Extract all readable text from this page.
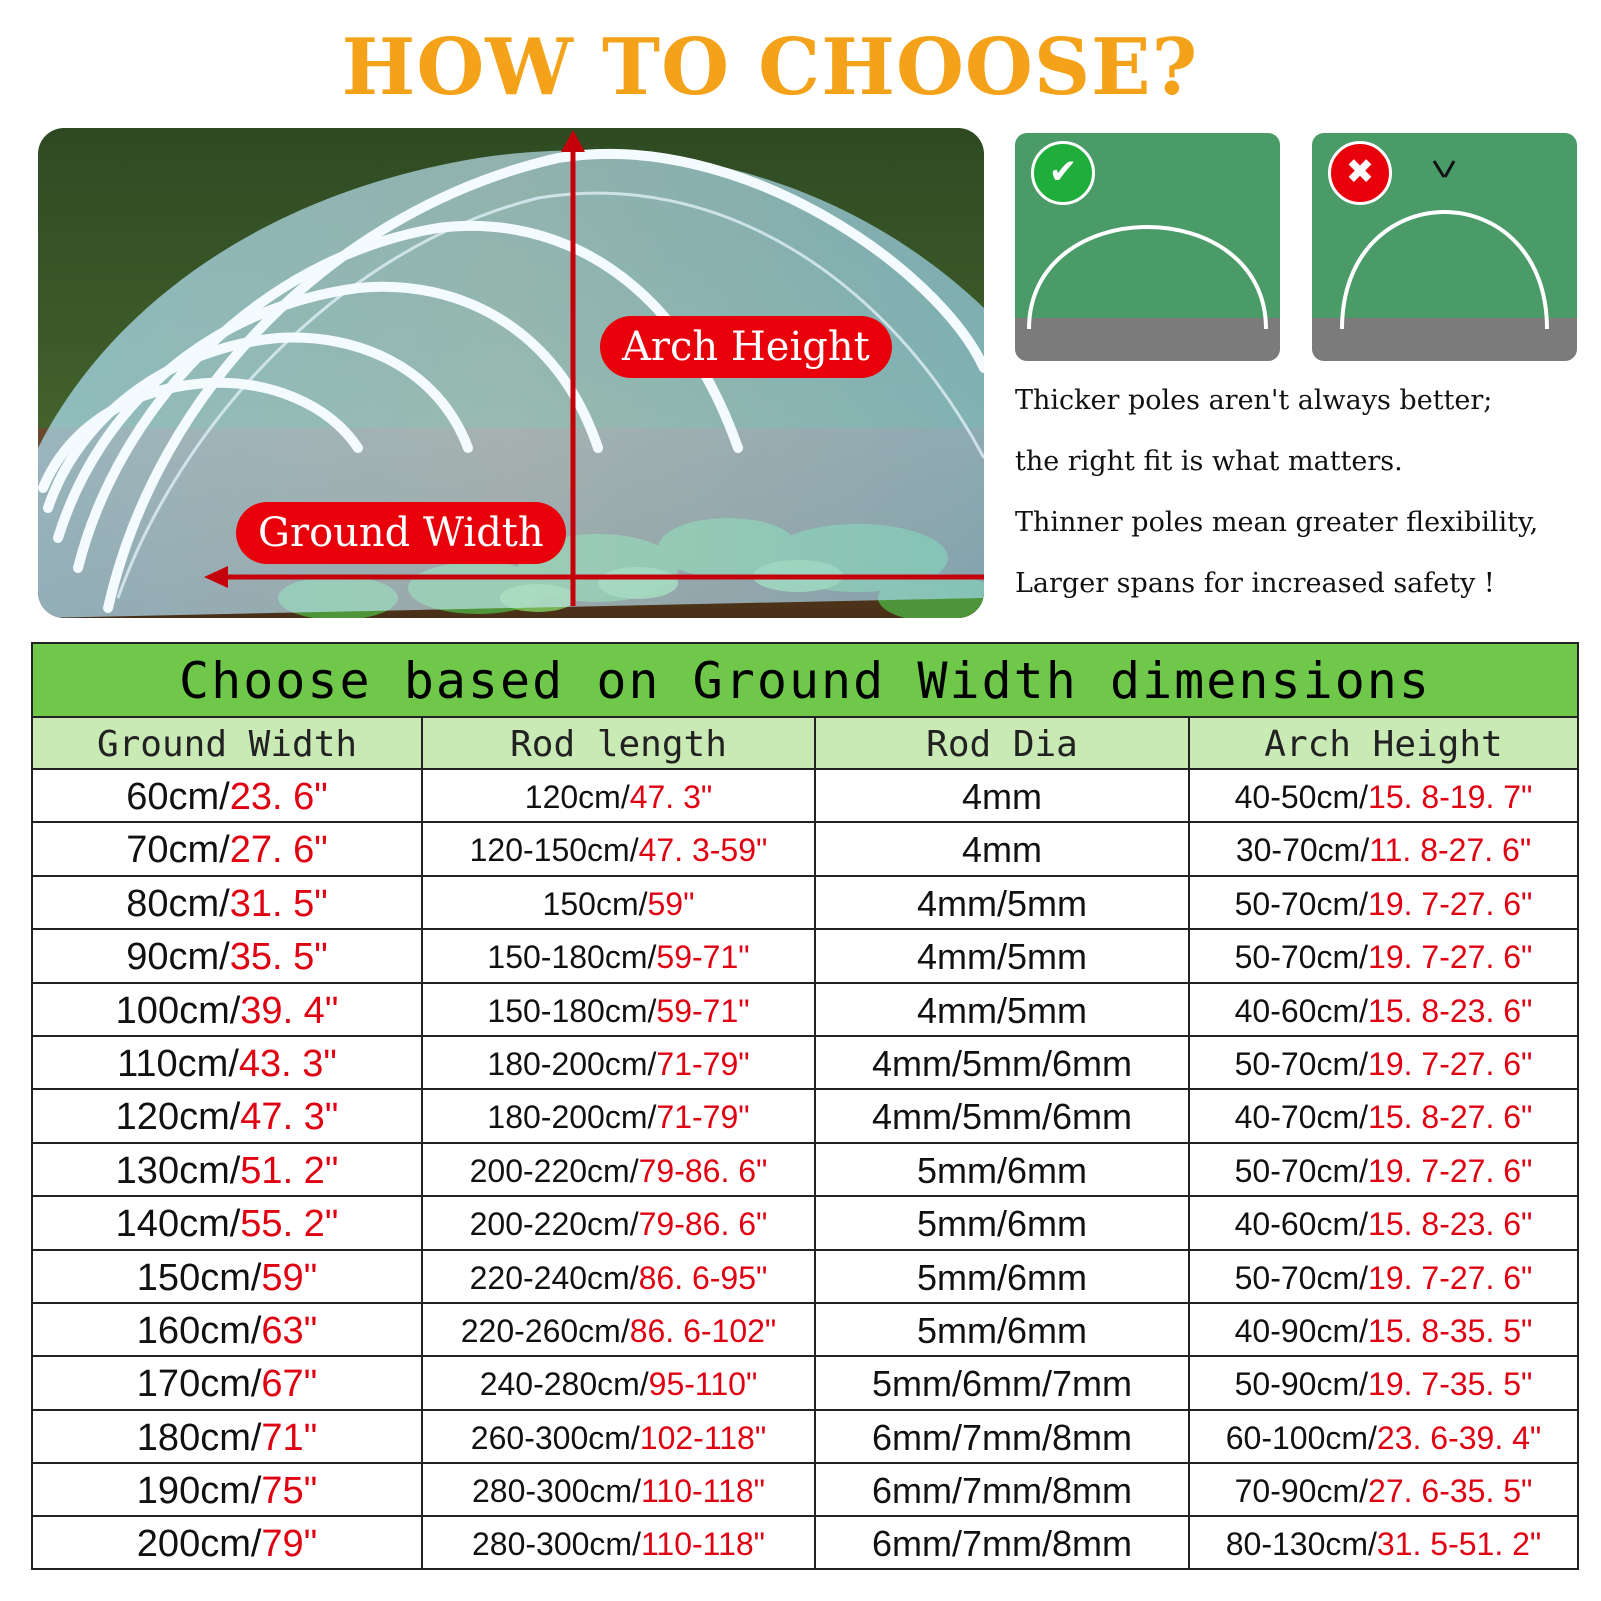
HOW TO CHOOSE?
Arch Height
Ground Width
✔	✖
Thicker poles aren't always better;
the right fit is what matters.
Thinner poles mean greater flexibility,
Larger spans for increased safety !
Choose based on Ground Width dimensions
Ground Width	Rod length	Rod Dia	Arch Height
60cm/23. 6"	120cm/47. 3"	4mm	40-50cm/15. 8-19. 7"
70cm/27. 6"	120-150cm/47. 3-59"	4mm	30-70cm/11. 8-27. 6"
80cm/31. 5"	150cm/59"	4mm/5mm	50-70cm/19. 7-27. 6"
90cm/35. 5"	150-180cm/59-71"	4mm/5mm	50-70cm/19. 7-27. 6"
100cm/39. 4"	150-180cm/59-71"	4mm/5mm	40-60cm/15. 8-23. 6"
110cm/43. 3"	180-200cm/71-79"	4mm/5mm/6mm	50-70cm/19. 7-27. 6"
120cm/47. 3"	180-200cm/71-79"	4mm/5mm/6mm	40-70cm/15. 8-27. 6"
130cm/51. 2"	200-220cm/79-86. 6"	5mm/6mm	50-70cm/19. 7-27. 6"
140cm/55. 2"	200-220cm/79-86. 6"	5mm/6mm	40-60cm/15. 8-23. 6"
150cm/59"	220-240cm/86. 6-95"	5mm/6mm	50-70cm/19. 7-27. 6"
160cm/63"	220-260cm/86. 6-102"	5mm/6mm	40-90cm/15. 8-35. 5"
170cm/67"	240-280cm/95-110"	5mm/6mm/7mm	50-90cm/19. 7-35. 5"
180cm/71"	260-300cm/102-118"	6mm/7mm/8mm	60-100cm/23. 6-39. 4"
190cm/75"	280-300cm/110-118"	6mm/7mm/8mm	70-90cm/27. 6-35. 5"
200cm/79"	280-300cm/110-118"	6mm/7mm/8mm	80-130cm/31. 5-51. 2"
